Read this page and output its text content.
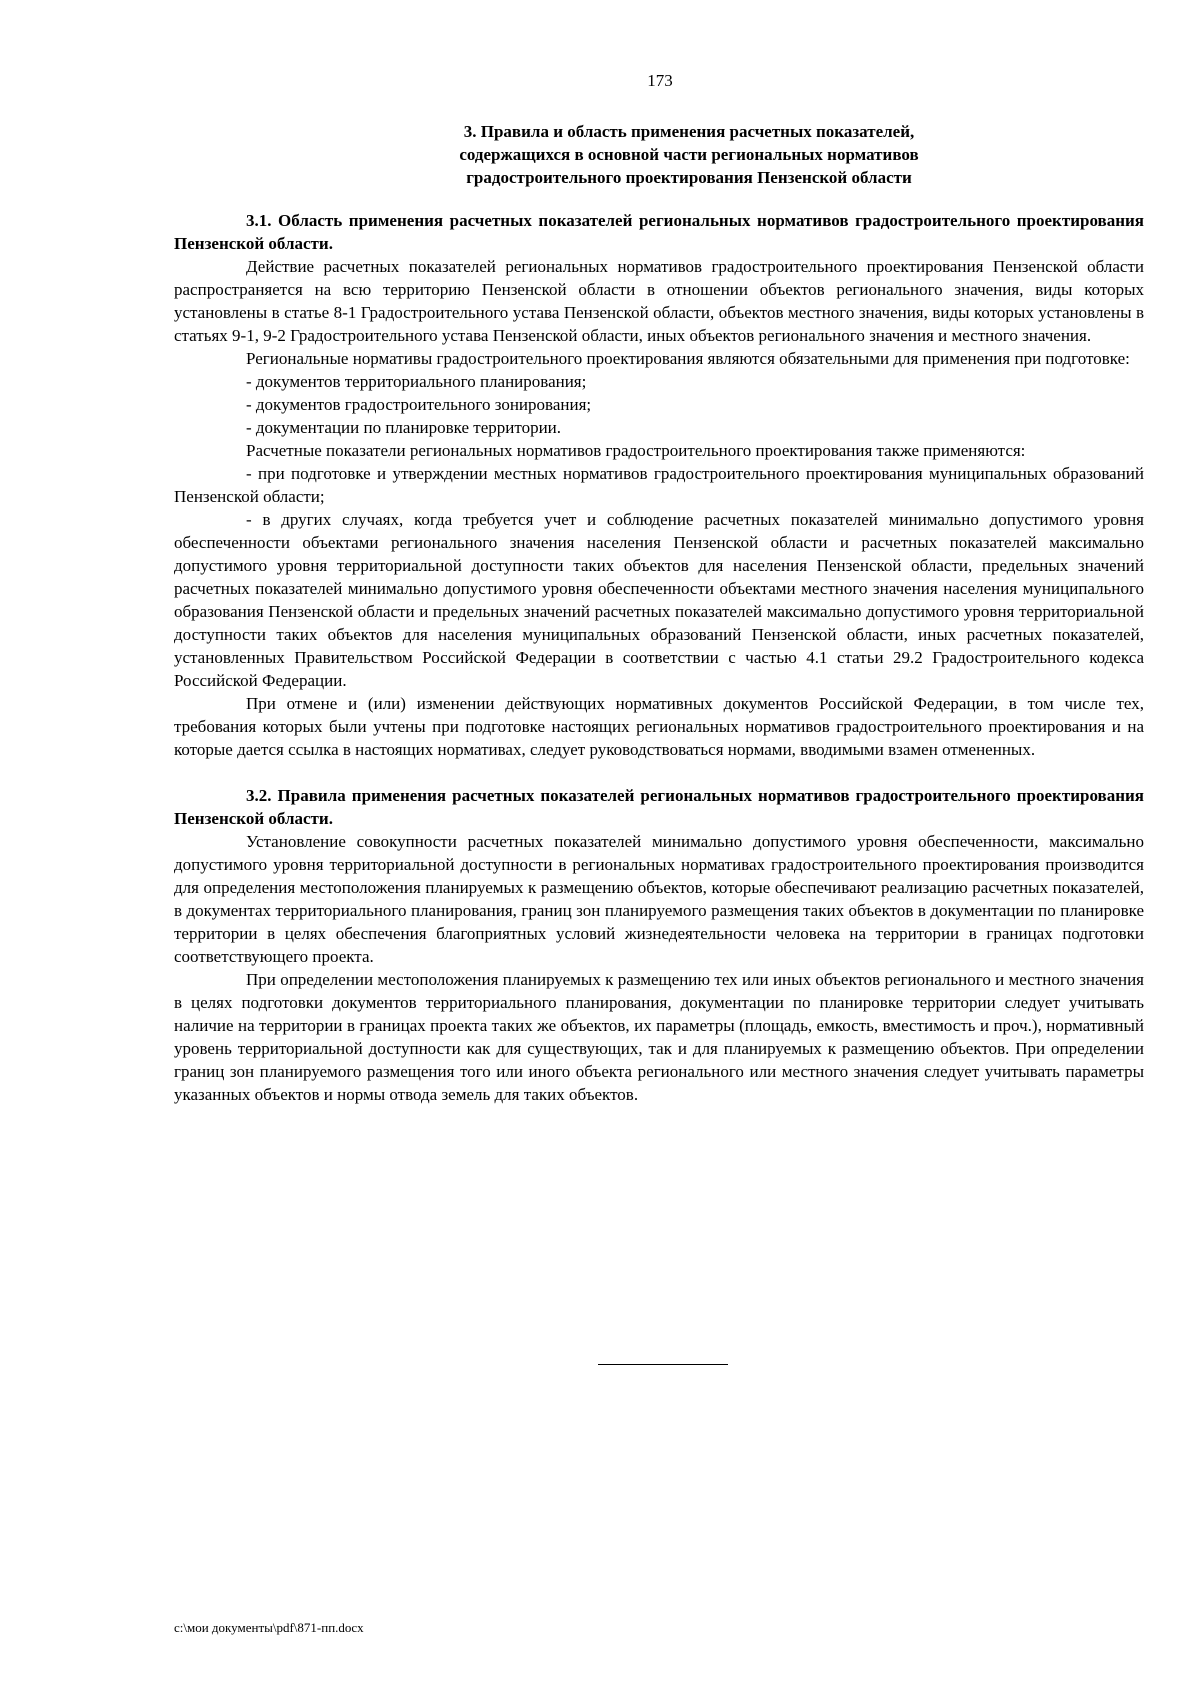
173
3. Правила и область применения расчетных показателей,
содержащихся в основной части региональных нормативов
градостроительного проектирования Пензенской области
3.1. Область применения расчетных показателей региональных нормативов градостроительного проектирования Пензенской области.
Действие расчетных показателей региональных нормативов градостроительного проектирования Пензенской области распространяется на всю территорию Пензенской области в отношении объектов регионального значения, виды которых установлены в статье 8-1 Градостроительного устава Пензенской области, объектов местного значения, виды которых установлены в статьях 9-1, 9-2 Градостроительного устава Пензенской области, иных объектов регионального значения и местного значения.
Региональные нормативы градостроительного проектирования являются обязательными для применения при подготовке:
- документов территориального планирования;
- документов градостроительного зонирования;
- документации по планировке территории.
Расчетные показатели региональных нормативов градостроительного проектирования также применяются:
- при подготовке и утверждении местных нормативов градостроительного проектирования муниципальных образований Пензенской области;
- в других случаях, когда требуется учет и соблюдение расчетных показателей минимально допустимого уровня обеспеченности объектами регионального значения населения Пензенской области и расчетных показателей максимально допустимого уровня территориальной доступности таких объектов для населения Пензенской области, предельных значений расчетных показателей минимально допустимого уровня обеспеченности объектами местного значения населения муниципального образования Пензенской области и предельных значений расчетных показателей максимально допустимого уровня территориальной доступности таких объектов для населения муниципальных образований Пензенской области, иных расчетных показателей, установленных Правительством Российской Федерации в соответствии с частью 4.1 статьи 29.2 Градостроительного кодекса Российской Федерации.
При отмене и (или) изменении действующих нормативных документов Российской Федерации, в том числе тех, требования которых были учтены при подготовке настоящих региональных нормативов градостроительного проектирования и на которые дается ссылка в настоящих нормативах, следует руководствоваться нормами, вводимыми взамен отмененных.
3.2. Правила применения расчетных показателей региональных нормативов градостроительного проектирования Пензенской области.
Установление совокупности расчетных показателей минимально допустимого уровня обеспеченности, максимально допустимого уровня территориальной доступности в региональных нормативах градостроительного проектирования производится для определения местоположения планируемых к размещению объектов, которые обеспечивают реализацию расчетных показателей, в документах территориального планирования, границ зон планируемого размещения таких объектов в документации по планировке территории в целях обеспечения благоприятных условий жизнедеятельности человека на территории в границах подготовки соответствующего проекта.
При определении местоположения планируемых к размещению тех или иных объектов регионального и местного значения в целях подготовки документов территориального планирования, документации по планировке территории следует учитывать наличие на территории в границах проекта таких же объектов, их параметры (площадь, емкость, вместимость и проч.), нормативный уровень территориальной доступности как для существующих, так и для планируемых к размещению объектов. При определении границ зон планируемого размещения того или иного объекта регионального или местного значения следует учитывать параметры указанных объектов и нормы отвода земель для таких объектов.
c:\мои документы\pdf\871-пп.docx
